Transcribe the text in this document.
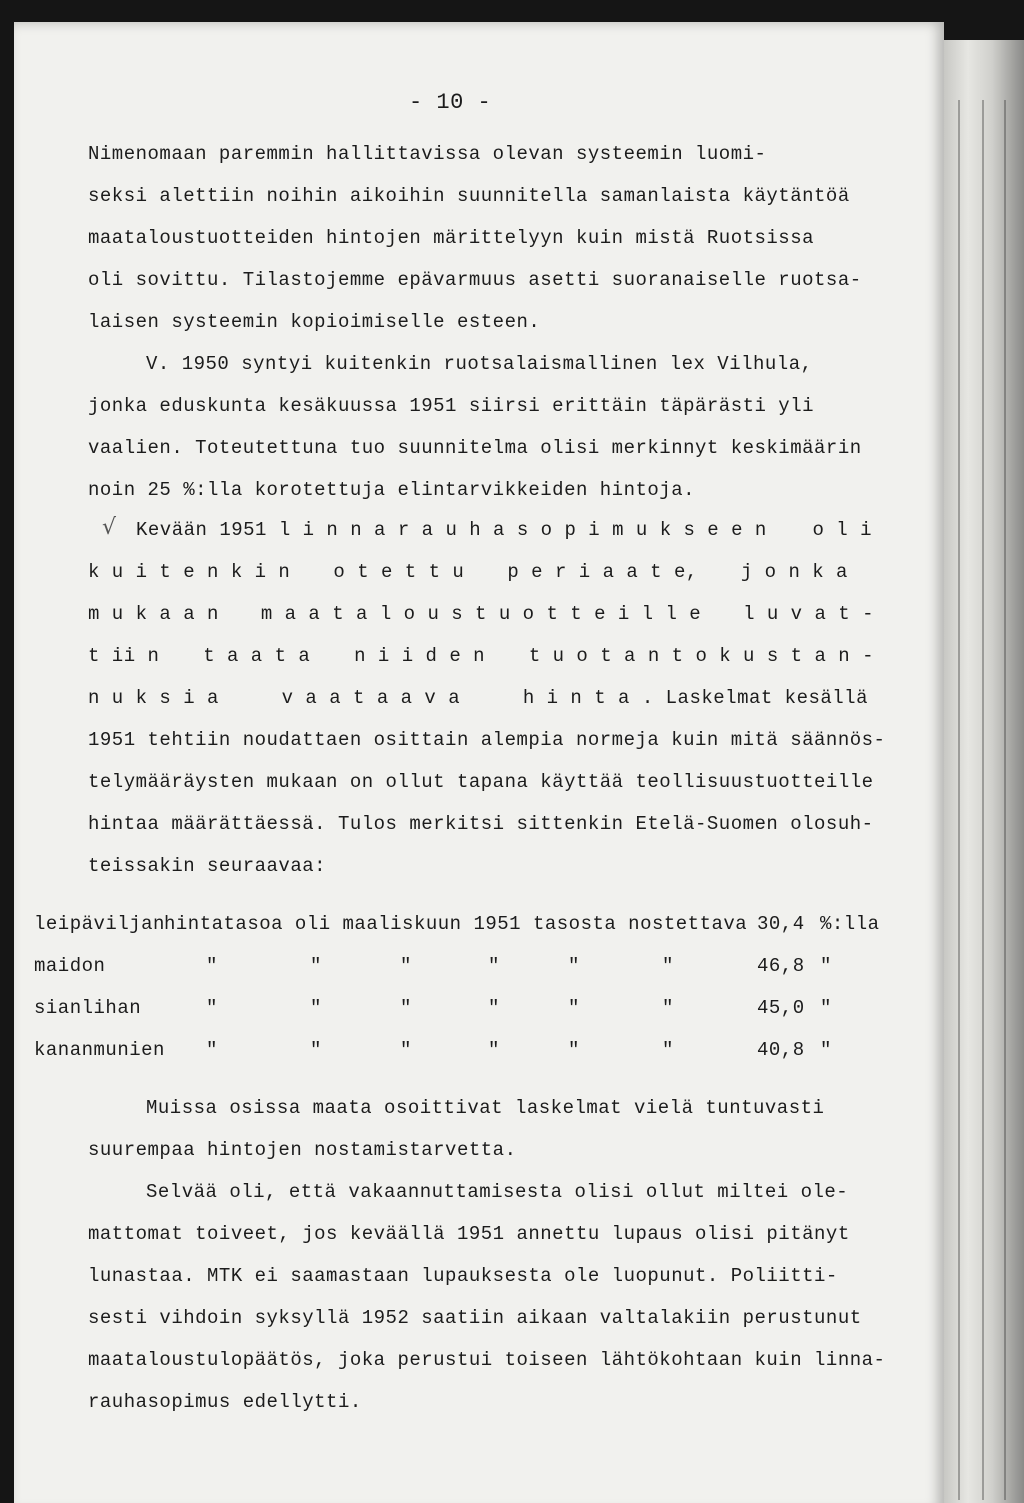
- 10 -
Nimenomaan paremmin hallittavissa olevan systeemin luomi-
seksi alettiin noihin aikoihin suunnitella samanlaista käytäntöä
maataloustuotteiden hintojen märittelyyn kuin mistä Ruotsissa
oli sovittu. Tilastojemme epävarmuus asetti suoranaiselle ruotsa-
laisen systeemin kopioimiselle esteen.
V. 1950 syntyi kuitenkin ruotsalaismallinen lex Vilhula,
jonka eduskunta kesäkuussa 1951 siirsi erittäin täpärästi yli
vaalien. Toteutettuna tuo suunnitelma olisi merkinnyt keskimäärin
noin 25 %:lla korotettuja elintarvikkeiden hintoja.
√ Kevään 1951 l i n n a r a u h a s o p i m u k s e e n o l i
k u i t e n k i n o t e t t u p e r i a a t e, j o n k a
m u k a a n m a a t a l o u s t u o t t e i l l e l u v a t -
t ii n t a a t a n i i d e n t u o t a n t o k u s t a n -
n u k s i a	v a a t a a v a	h i n t a . Laskelmat kesällä
1951 tehtiin noudattaen osittain alempia normeja kuin mitä säännös-
telymääräysten mukaan on ollut tapana käyttää teollisuustuotteille
hintaa määrättäessä. Tulos merkitsi sittenkin Etelä-Suomen olosuh-
teissakin seuraavaa:
leipäviljan hintatasoa oli maaliskuun 1951 tasosta nostettava 30,4 %:lla
maidon	"	"	"	"	"	"	46,8 "
sianlihan	"	"	"	"	"	"	45,0 "
kananmunien "	"	"	"	"	"	40,8 "
Muissa osissa maata osoittivat laskelmat vielä tuntuvasti
suurempaa hintojen nostamistarvetta.
Selvää oli, että vakaannuttamisesta olisi ollut miltei ole-
mattomat toiveet, jos keväällä 1951 annettu lupaus olisi pitänyt
lunastaa. MTK ei saamastaan lupauksesta ole luopunut. Poliitti-
sesti vihdoin syksyllä 1952 saatiin aikaan valtalakiin perustunut
maataloustulopäätös, joka perustui toiseen lähtökohtaan kuin linna-
rauhasopimus edellytti.
